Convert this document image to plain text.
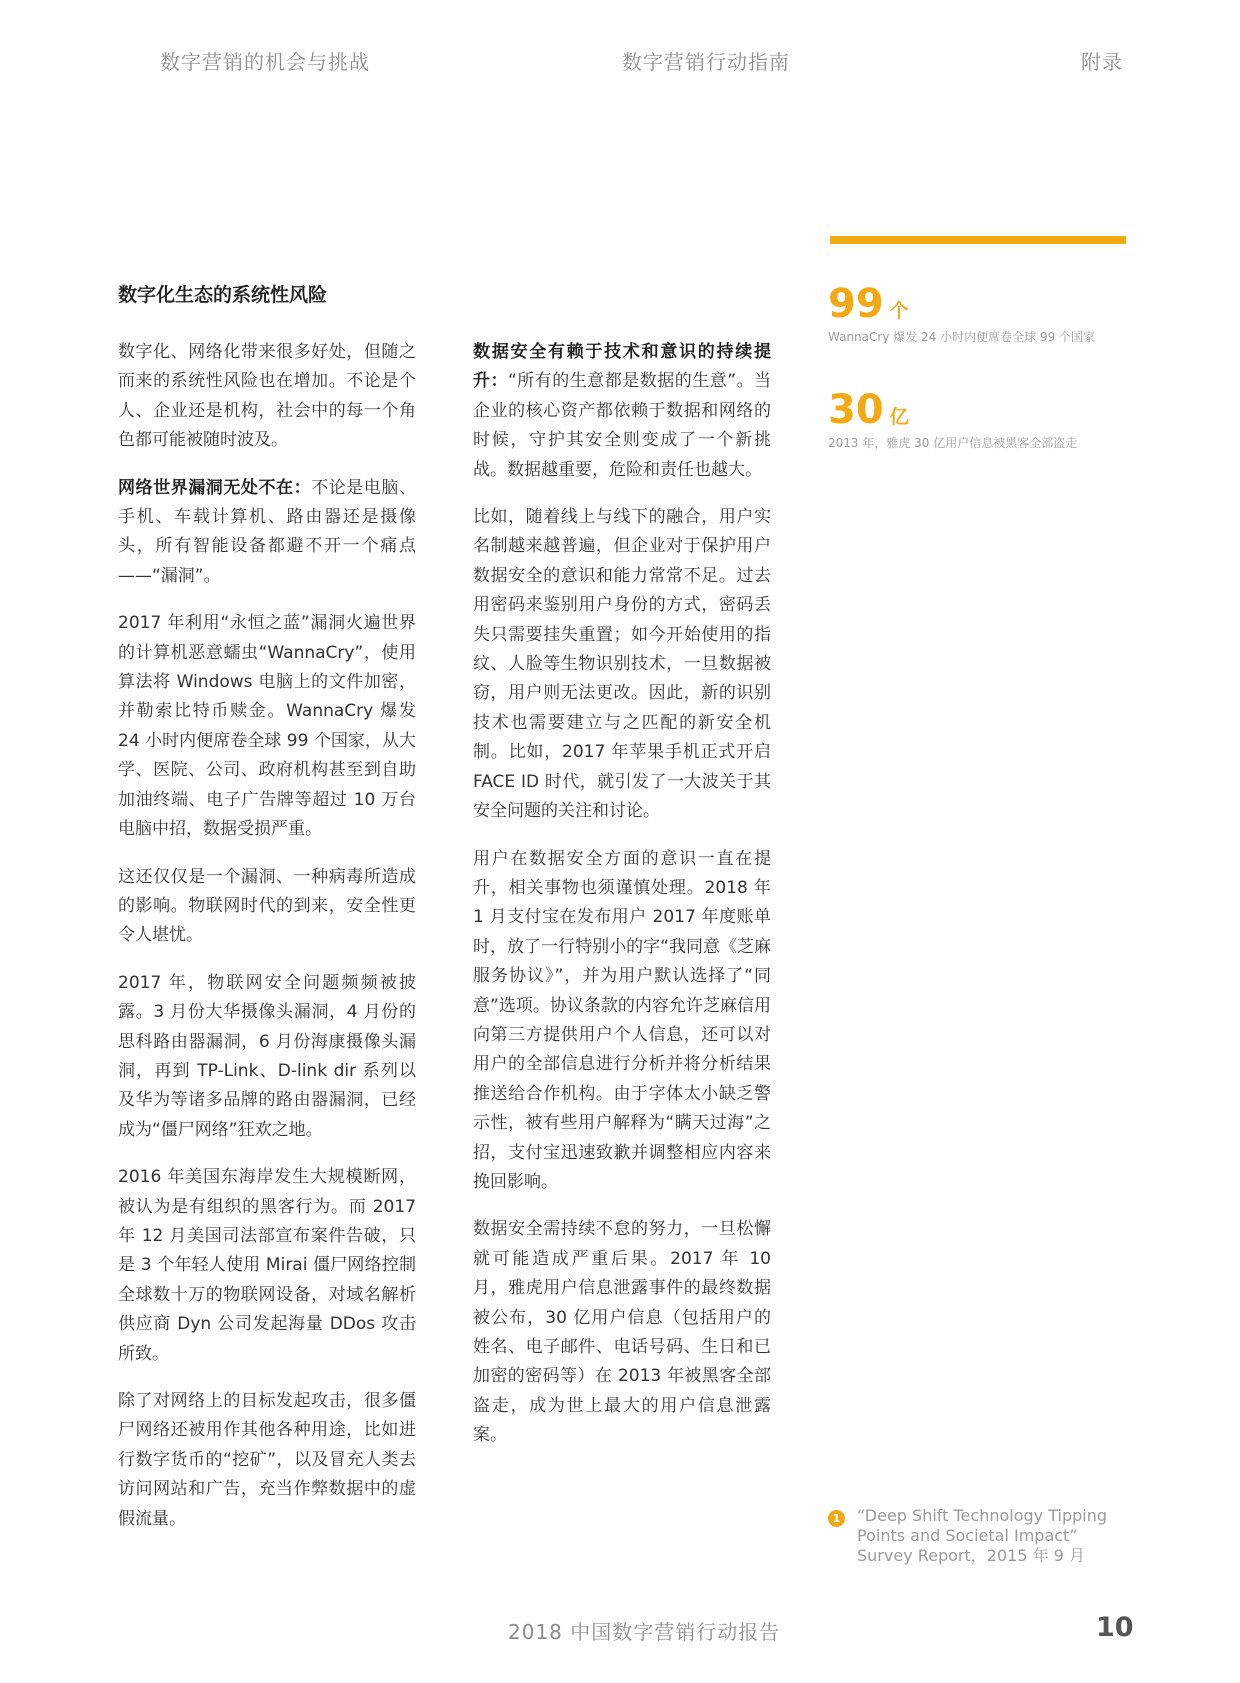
数字营销的机会与挑战	数字营销行动指南	附录
数字化生态的系统性风险

数字化、网络化带来很多好处，但随之而来的系统性风险也在增加。不论是个人、企业还是机构，社会中的每一个角色都可能被随时波及。

网络世界漏洞无处不在：不论是电脑、手机、车载计算机、路由器还是摄像头，所有智能设备都避不开一个痛点——“漏洞”。

2017 年利用“永恒之蓝”漏洞火遍世界的计算机恶意蠕虫“WannaCry”，使用算法将 Windows 电脑上的文件加密，并勒索比特币赎金。WannaCry 爆发 24 小时内便席卷全球 99 个国家，从大学、医院、公司、政府机构甚至到自助加油终端、电子广告牌等超过 10 万台电脑中招，数据受损严重。

这还仅仅是一个漏洞、一种病毒所造成的影响。物联网时代的到来，安全性更令人堪忧。

2017 年，物联网安全问题频频被披露。3 月份大华摄像头漏洞，4 月份的思科路由器漏洞，6 月份海康摄像头漏洞，再到 TP-Link、D-link dir 系列以及华为等诸多品牌的路由器漏洞，已经成为“僵尸网络”狂欢之地。

2016 年美国东海岸发生大规模断网，被认为是有组织的黑客行为。而 2017 年 12 月美国司法部宣布案件告破，只是 3 个年轻人使用 Mirai 僵尸网络控制全球数十万的物联网设备，对域名解析供应商 Dyn 公司发起海量 DDos 攻击所致。

除了对网络上的目标发起攻击，很多僵尸网络还被用作其他各种用途，比如进行数字货币的“挖矿”，以及冒充人类去访问网站和广告，充当作弊数据中的虚假流量。

数据安全有赖于技术和意识的持续提升：“所有的生意都是数据的生意”。当企业的核心资产都依赖于数据和网络的时候，守护其安全则变成了一个新挑战。数据越重要，危险和责任也越大。

比如，随着线上与线下的融合，用户实名制越来越普遍，但企业对于保护用户数据安全的意识和能力常常不足。过去用密码来鉴别用户身份的方式，密码丢失只需要挂失重置；如今开始使用的指纹、人脸等生物识别技术，一旦数据被窃，用户则无法更改。因此，新的识别技术也需要建立与之匹配的新安全机制。比如，2017 年苹果手机正式开启 FACE ID 时代，就引发了一大波关于其安全问题的关注和讨论。

用户在数据安全方面的意识一直在提升，相关事物也须谨慎处理。2018 年 1 月支付宝在发布用户 2017 年度账单时，放了一行特别小的字“我同意《芝麻服务协议》”，并为用户默认选择了“同意”选项。协议条款的内容允许芝麻信用向第三方提供用户个人信息，还可以对用户的全部信息进行分析并将分析结果推送给合作机构。由于字体太小缺乏警示性，被有些用户解释为“瞒天过海”之招，支付宝迅速致歉并调整相应内容来挽回影响。

数据安全需持续不怠的努力，一旦松懈就可能造成严重后果。2017 年 10 月，雅虎用户信息泄露事件的最终数据被公布，30 亿用户信息（包括用户的姓名、电子邮件、电话号码、生日和已加密的密码等）在 2013 年被黑客全部盗走，成为世上最大的用户信息泄露案。

99 个
WannaCry 爆发 24 小时内便席卷全球 99 个国家
30 亿
2013 年，雅虎 30 亿用户信息被黑客全部盗走
1 “Deep Shift Technology Tipping Points and Societal Impact” Survey Report，2015 年 9 月
2018 中国数字营销行动报告	10
